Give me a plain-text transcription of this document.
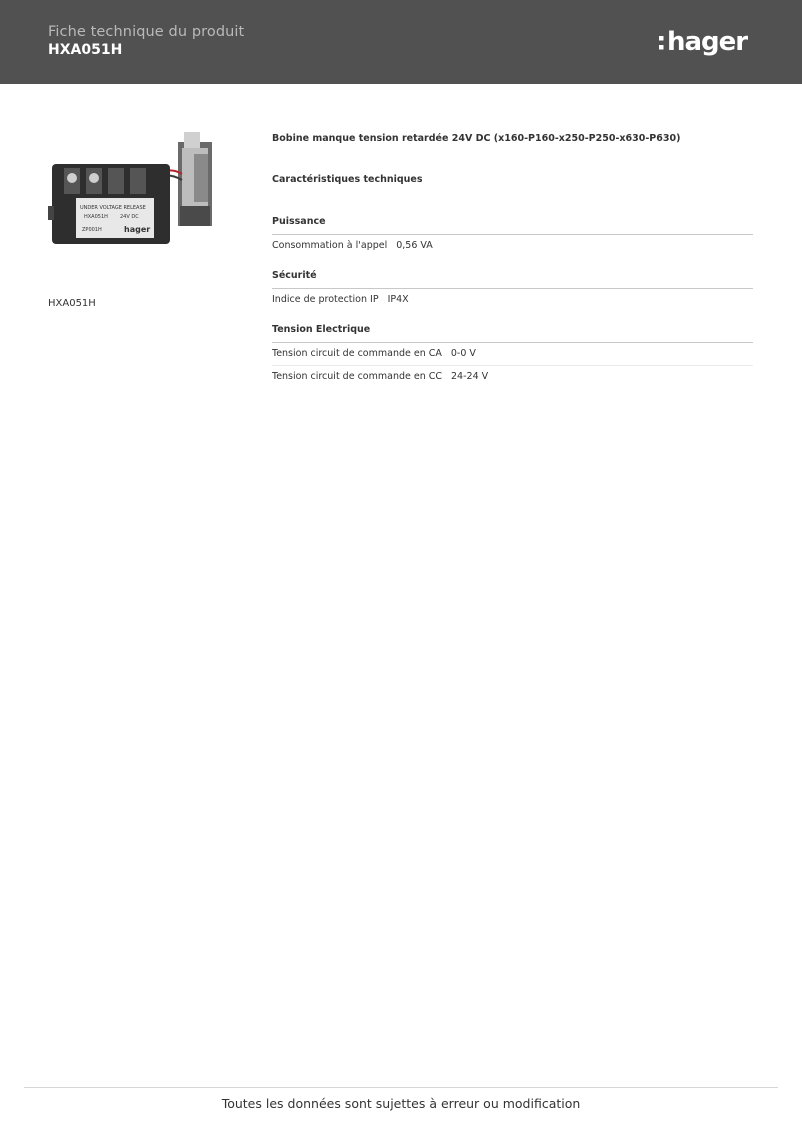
Fiche technique du produit
HXA051H	hager
UNDER VOLTAGE RELEASE
HXA051H 24V DC
ZP001H	hager
HXA051H
Bobine manque tension retardée 24V DC (x160-P160-x250-P250-x630-P630)
Caractéristiques techniques
Puissance
Consommation à l'appel 0,56 VA
Sécurité
Indice de protection IP IP4X
Tension Electrique
Tension circuit de commande en CA 0-0 V
Tension circuit de commande en CC 24-24 V
Toutes les données sont sujettes à erreur ou modification
